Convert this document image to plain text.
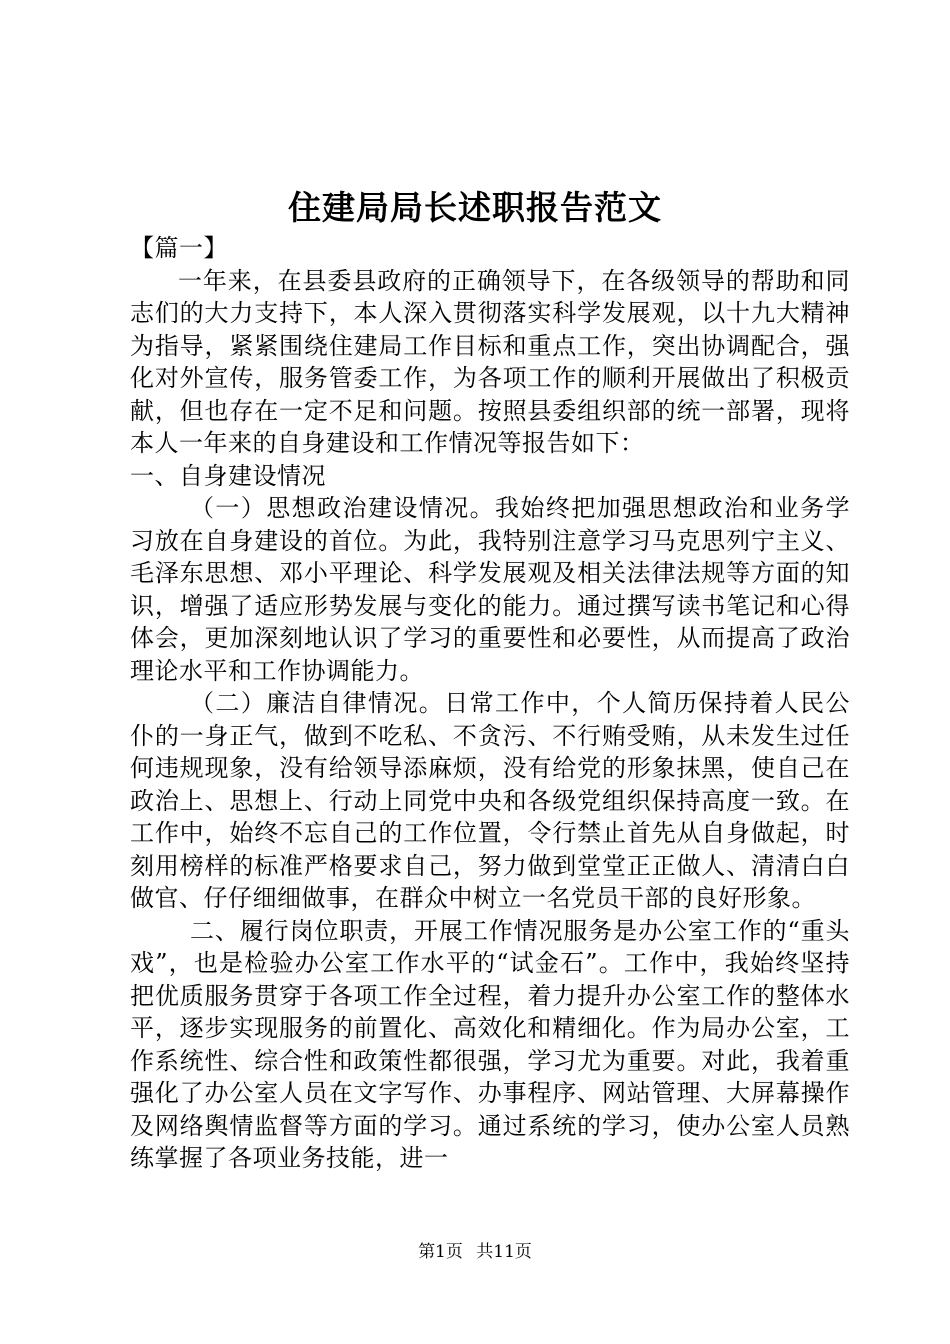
住建局局长述职报告范文

【篇一】

一年来，在县委县政府的正确领导下，在各级领导的帮助和同志们的大力支持下，本人深入贯彻落实科学发展观，以十九大精神为指导，紧紧围绕住建局工作目标和重点工作，突出协调配合，强化对外宣传，服务管委工作，为各项工作的顺利开展做出了积极贡献，但也存在一定不足和问题。按照县委组织部的统一部署，现将本人一年来的自身建设和工作情况等报告如下：

一、自身建设情况

（一）思想政治建设情况。我始终把加强思想政治和业务学习放在自身建设的首位。为此，我特别注意学习马克思列宁主义、毛泽东思想、邓小平理论、科学发展观及相关法律法规等方面的知识，增强了适应形势发展与变化的能力。通过撰写读书笔记和心得体会，更加深刻地认识了学习的重要性和必要性，从而提高了政治理论水平和工作协调能力。

（二）廉洁自律情况。日常工作中，个人简历保持着人民公仆的一身正气，做到不吃私、不贪污、不行贿受贿，从未发生过任何违规现象，没有给领导添麻烦，没有给党的形象抹黑，使自己在政治上、思想上、行动上同党中央和各级党组织保持高度一致。在工作中，始终不忘自己的工作位置，令行禁止首先从自身做起，时刻用榜样的标准严格要求自己，努力做到堂堂正正做人、清清白白做官、仔仔细细做事，在群众中树立一名党员干部的良好形象。

二、履行岗位职责，开展工作情况服务是办公室工作的“重头戏”，也是检验办公室工作水平的“试金石”。工作中，我始终坚持把优质服务贯穿于各项工作全过程，着力提升办公室工作的整体水平，逐步实现服务的前置化、高效化和精细化。作为局办公室，工作系统性、综合性和政策性都很强，学习尤为重要。对此，我着重强化了办公室人员在文字写作、办事程序、网站管理、大屏幕操作及网络舆情监督等方面的学习。通过系统的学习，使办公室人员熟练掌握了各项业务技能，进一

第1页 共11页
